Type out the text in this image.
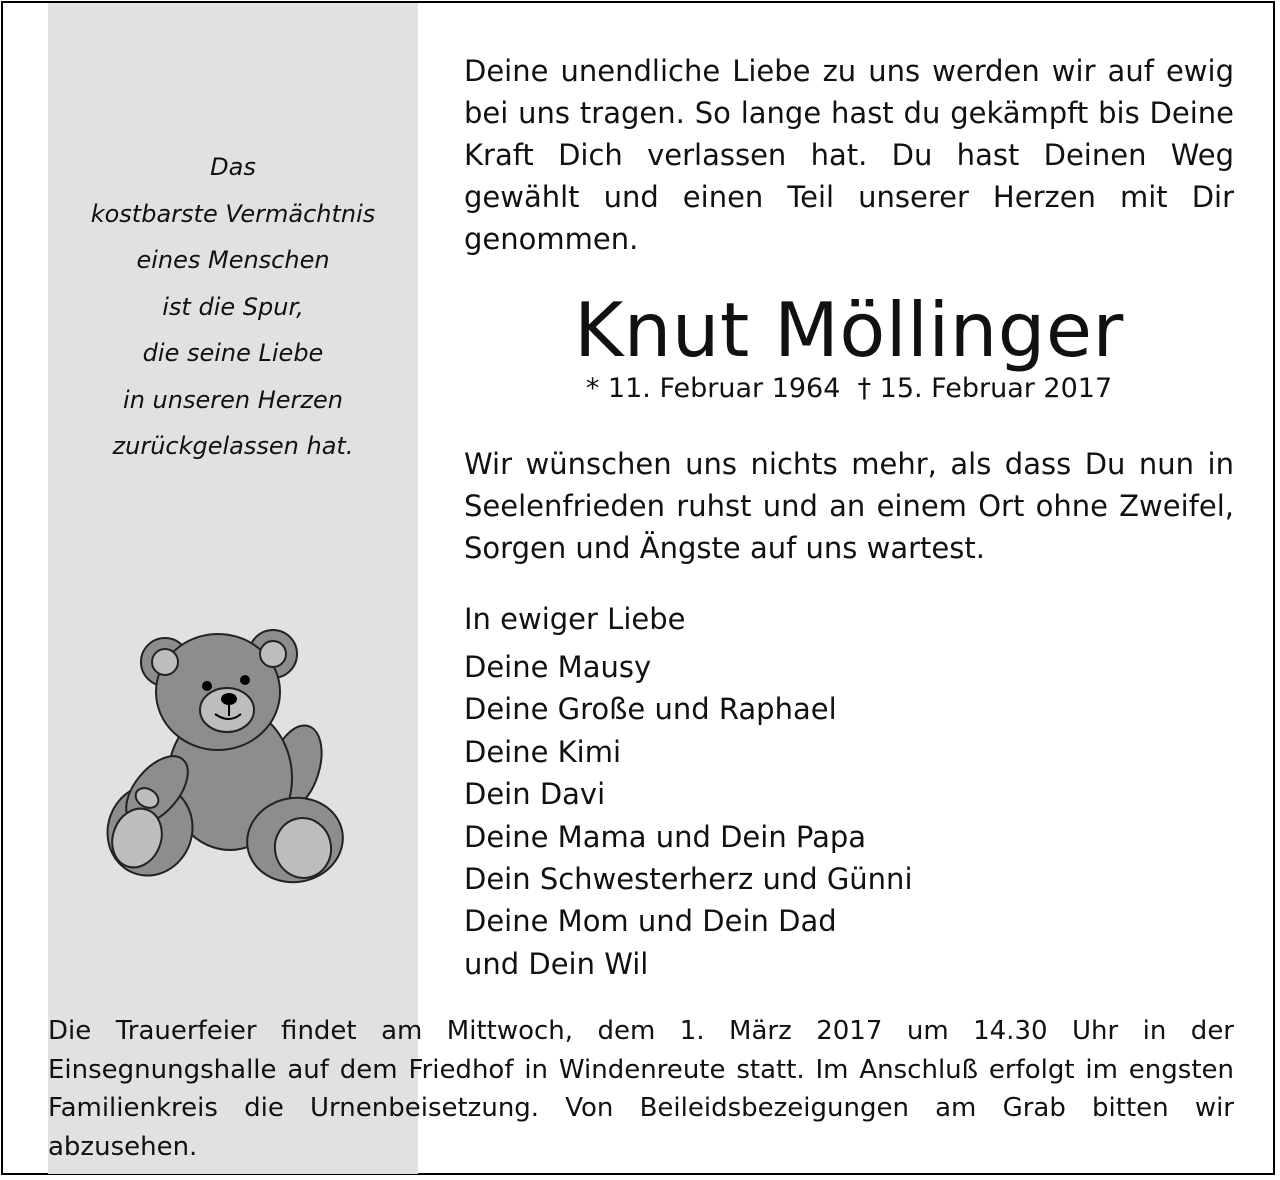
Das
kostbarste Vermächtnis
eines Menschen
ist die Spur,
die seine Liebe
in unseren Herzen
zurückgelassen hat.
Deine unendliche Liebe zu uns werden wir auf ewig bei uns tragen. So lange hast du gekämpft bis Deine Kraft Dich verlassen hat. Du hast Deinen Weg gewählt und einen Teil unserer Herzen mit Dir genommen.
Knut Möllinger
* 11. Februar 1964 † 15. Februar 2017
Wir wünschen uns nichts mehr, als dass Du nun in Seelenfrieden ruhst und an einem Ort ohne Zweifel, Sorgen und Ängste auf uns wartest.
In ewiger Liebe
Deine Mausy
Deine Große und Raphael
Deine Kimi
Dein Davi
Deine Mama und Dein Papa
Dein Schwesterherz und Günni
Deine Mom und Dein Dad
und Dein Wil
Die Trauerfeier findet am Mittwoch, dem 1. März 2017 um 14.30 Uhr in der Einsegnungshalle auf dem Friedhof in Windenreute statt. Im Anschluß erfolgt im engsten Familienkreis die Urnenbeisetzung. Von Beileidsbezeigungen am Grab bitten wir abzusehen.
